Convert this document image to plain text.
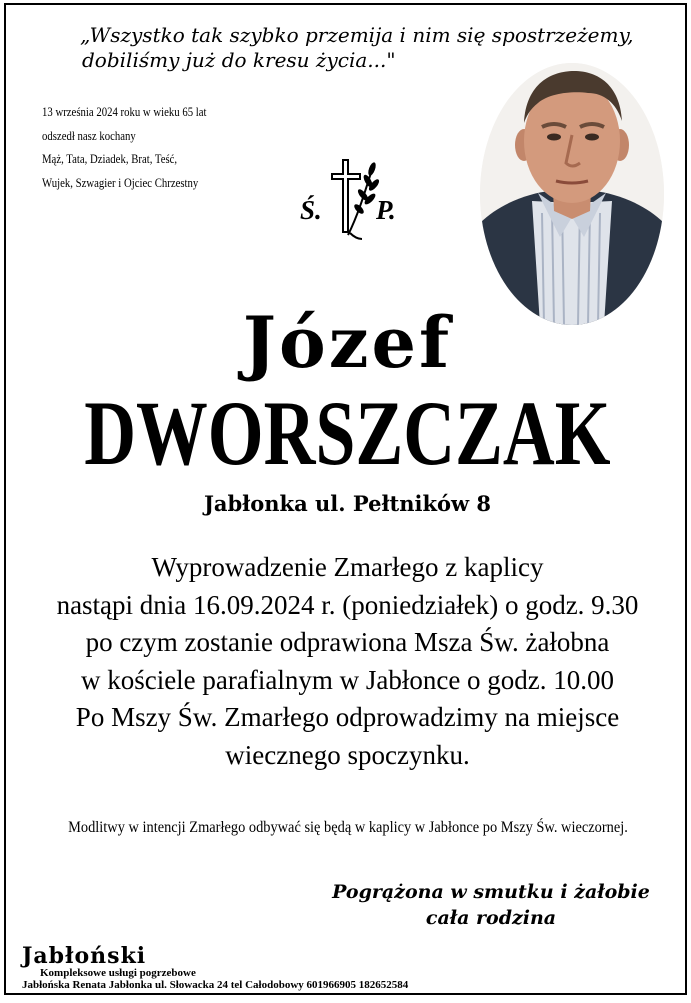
„Wszystko tak szybko przemija i nim się spostrzeżemy,
dobiliśmy już do kresu życia..."
13 września 2024 roku w wieku 65 lat
odszedł nasz kochany
Mąż, Tata, Dziadek, Brat, Teść,
Wujek, Szwagier i Ojciec Chrzestny
Ś. P.
Józef
DWORSZCZAK
Jabłonka ul. Pełtników 8
Wyprowadzenie Zmarłego z kaplicy
nastąpi dnia 16.09.2024 r. (poniedziałek) o godz. 9.30
po czym zostanie odprawiona Msza Św. żałobna
w kościele parafialnym w Jabłonce o godz. 10.00
Po Mszy Św. Zmarłego odprowadzimy na miejsce
wiecznego spoczynku.
Modlitwy w intencji Zmarłego odbywać się będą w kaplicy w Jabłonce po Mszy Św. wieczornej.
Pogrążona w smutku i żałobie
cała rodzina
Jabłoński
Kompleksowe usługi pogrzebowe
Jabłońska Renata Jabłonka ul. Słowacka 24 tel Całodobowy 601966905 182652584
